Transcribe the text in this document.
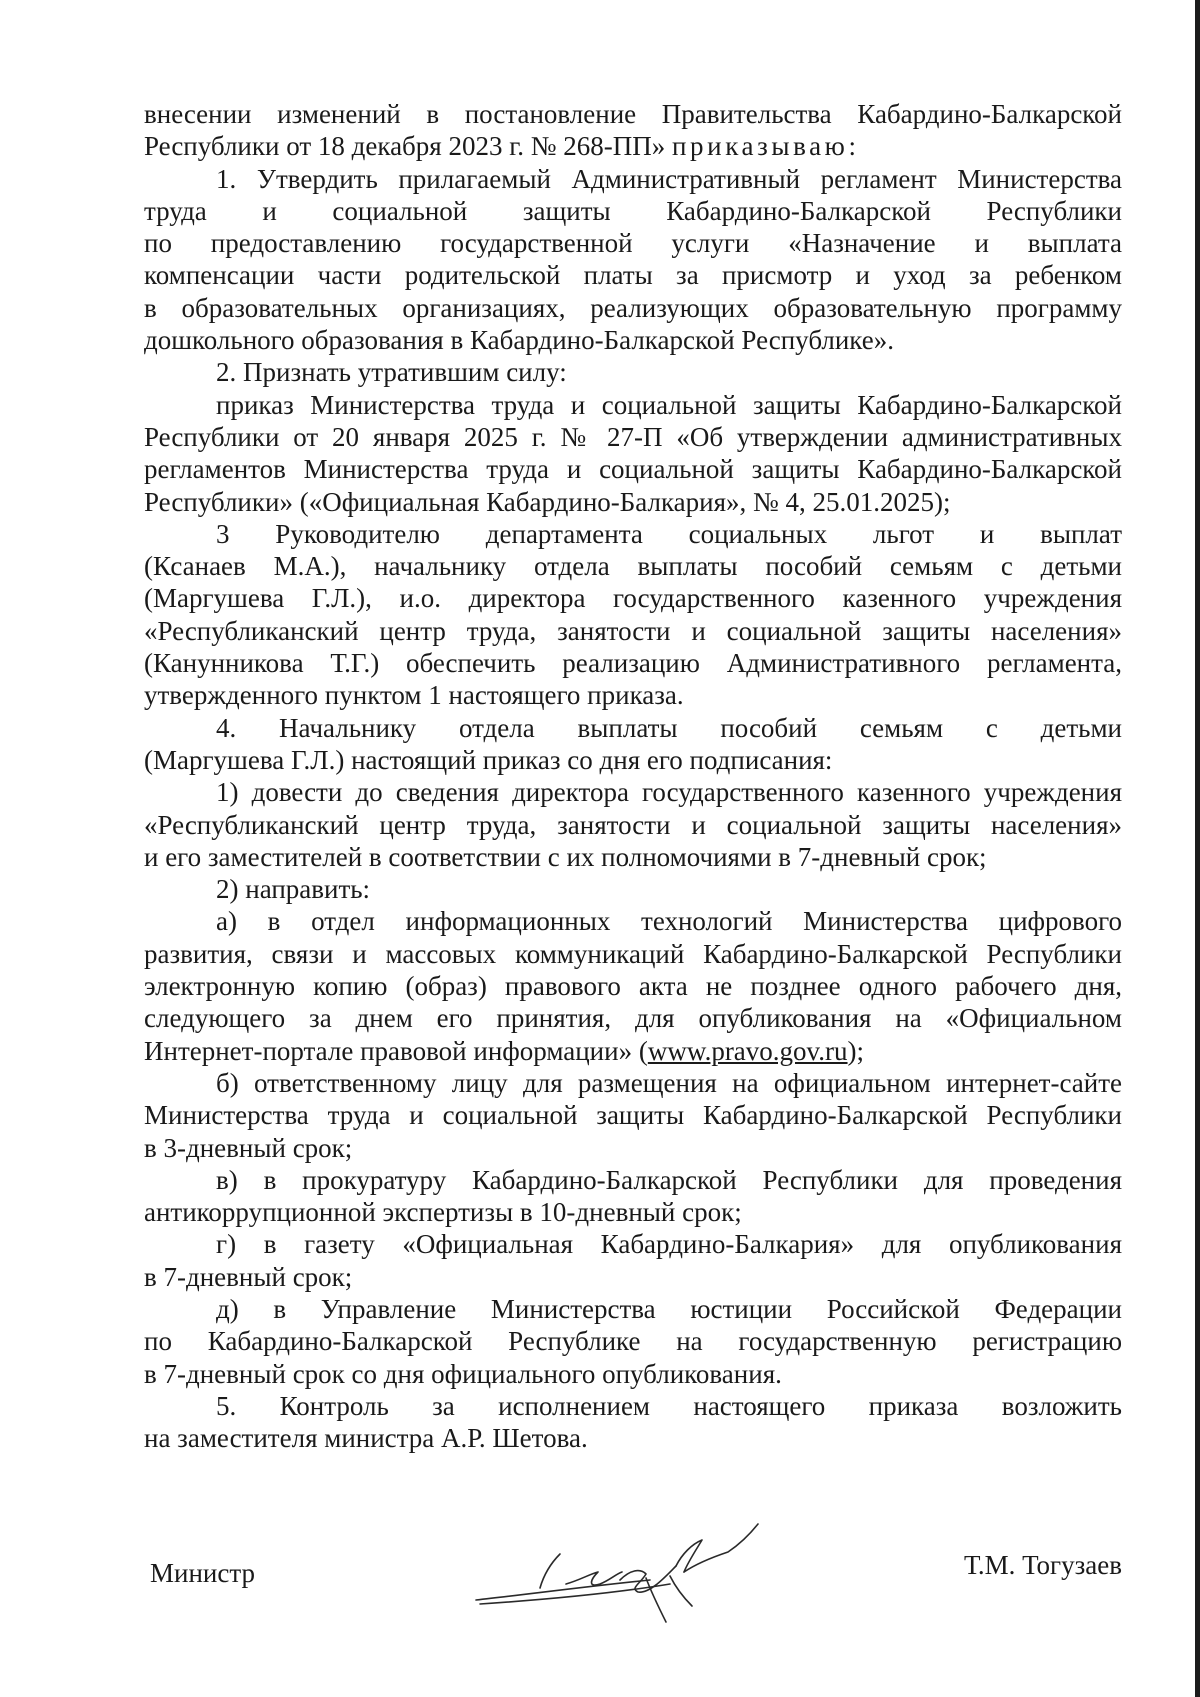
внесении изменений в постановление Правительства Кабардино-Балкарской

Республики от 18 декабря 2023 г. № 268-ПП» приказываю:

1. Утвердить прилагаемый Административный регламент Министерства

труда и социальной защиты Кабардино-Балкарской Республики

по предоставлению государственной услуги «Назначение и выплата

компенсации части родительской платы за присмотр и уход за ребенком

в образовательных организациях, реализующих образовательную программу

дошкольного образования в Кабардино-Балкарской Республике».

2. Признать утратившим силу:

приказ Министерства труда и социальной защиты Кабардино-Балкарской

Республики от 20 января 2025 г. № 27-П «Об утверждении административных

регламентов Министерства труда и социальной защиты Кабардино-Балкарской

Республики» («Официальная Кабардино-Балкария», № 4, 25.01.2025);

3 Руководителю департамента социальных льгот и выплат

(Ксанаев М.А.), начальнику отдела выплаты пособий семьям с детьми

(Маргушева Г.Л.), и.о. директора государственного казенного учреждения

«Республиканский центр труда, занятости и социальной защиты населения»

(Канунникова Т.Г.) обеспечить реализацию Административного регламента,

утвержденного пунктом 1 настоящего приказа.

4. Начальнику отдела выплаты пособий семьям с детьми

(Маргушева Г.Л.) настоящий приказ со дня его подписания:

1) довести до сведения директора государственного казенного учреждения

«Республиканский центр труда, занятости и социальной защиты населения»

и его заместителей в соответствии с их полномочиями в 7-дневный срок;

2) направить:

а) в отдел информационных технологий Министерства цифрового

развития, связи и массовых коммуникаций Кабардино-Балкарской Республики

электронную копию (образ) правового акта не позднее одного рабочего дня,

следующего за днем его принятия, для опубликования на «Официальном

Интернет-портале правовой информации» (www.pravo.gov.ru);

б) ответственному лицу для размещения на официальном интернет-сайте

Министерства труда и социальной защиты Кабардино-Балкарской Республики

в 3-дневный срок;

в) в прокуратуру Кабардино-Балкарской Республики для проведения

антикоррупционной экспертизы в 10-дневный срок;

г) в газету «Официальная Кабардино-Балкария» для опубликования

в 7-дневный срок;

д) в Управление Министерства юстиции Российской Федерации

по Кабардино-Балкарской Республике на государственную регистрацию

в 7-дневный срок со дня официального опубликования.

5. Контроль за исполнением настоящего приказа возложить

на заместителя министра А.Р. Шетова.

Министр	Т.М. Тогузаев
